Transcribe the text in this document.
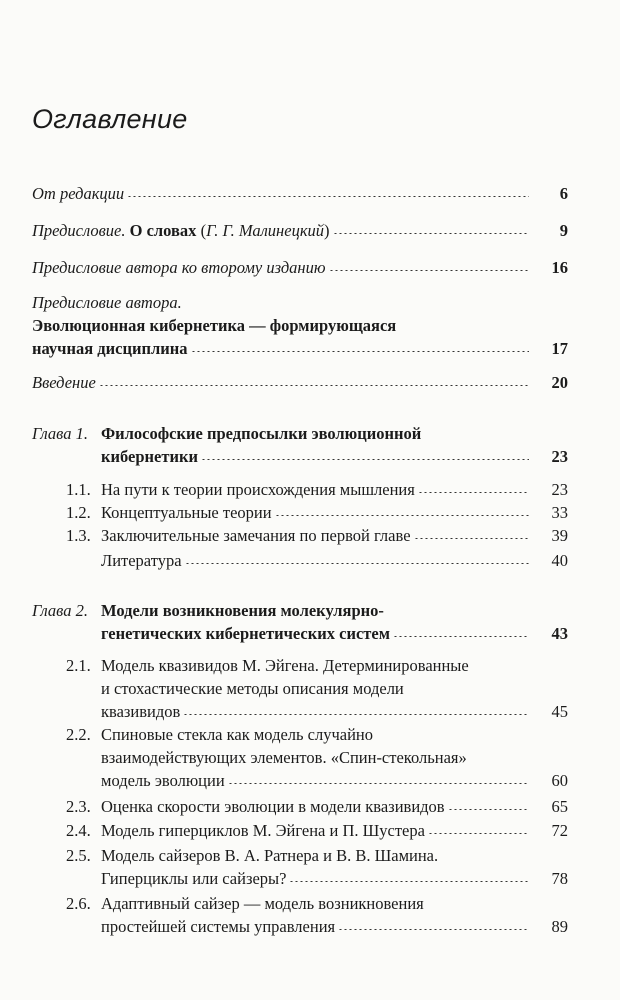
Оглавление
От редакции	6
Предисловие. О словах (Г. Г. Малинецкий)	9
Предисловие автора ко второму изданию	16
Предисловие автора.
Эволюционная кибернетика — формирующаяся
научная дисциплина	17
Введение	20
Глава 1. Философские предпосылки эволюционной
кибернетики	23
1.1. На пути к теории происхождения мышления	23
1.2. Концептуальные теории	33
1.3. Заключительные замечания по первой главе	39
Литература	40
Глава 2. Модели возникновения молекулярно-
генетических кибернетических систем	43
2.1. Модель квазивидов М. Эйгена. Детерминированные
и стохастические методы описания модели
квазивидов	45
2.2. Спиновые стекла как модель случайно
взаимодействующих элементов. «Спин-стекольная»
модель эволюции	60
2.3. Оценка скорости эволюции в модели квазивидов	65
2.4. Модель гиперциклов М. Эйгена и П. Шустера	72
2.5. Модель сайзеров В. А. Ратнера и В. В. Шамина.
Гиперциклы или сайзеры?	78
2.6. Адаптивный сайзер — модель возникновения
простейшей системы управления	89
